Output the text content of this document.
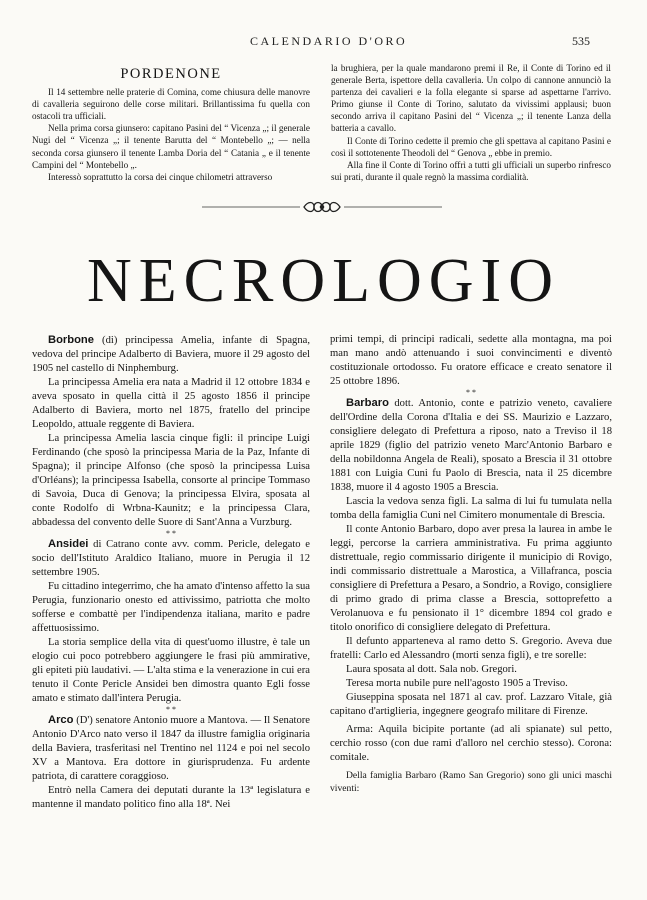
CALENDARIO D'ORO	535
PORDENONE

Il 14 settembre nelle praterie di Comina, come chiusura delle manovre di cavalleria seguirono delle corse militari. Brillantissima fu quella con ostacoli tra ufficiali.

Nella prima corsa giunsero: capitano Pasini del “ Vicenza „; il generale Nugi del “ Vicenza „; il tenente Barutta del “ Montebello „; — nella seconda corsa giunsero il tenente Lamba Doria del “ Catania „ e il tenente Campini del “ Montebello „.

Interessò soprattutto la corsa dei cinque chilometri attraverso

la brughiera, per la quale mandarono premi il Re, il Conte di Torino ed il generale Berta, ispettore della cavalleria. Un colpo di cannone annunciò la partenza dei cavalieri e la folla elegante si sparse ad aspettarne l'arrivo. Primo giunse il Conte di Torino, salutato da vivissimi applausi; buon secondo arriva il capitano Pasini del “ Vicenza „; il tenente Lanza della batteria a cavallo.

Il Conte di Torino cedette il premio che gli spettava al capitano Pasini e così il sottotenente Theodoli del “ Genova „ ebbe in premio.

Alla fine il Conte di Torino offrì a tutti gli ufficiali un superbo rinfresco sui prati, durante il quale regnò la massima cordialità.

NECROLOGIO

Borbone (di) principessa Amelia, infante di Spagna, vedova del principe Adalberto di Baviera, muore il 29 agosto del 1905 nel castello di Ninphemburg.

La principessa Amelia era nata a Madrid il 12 ottobre 1834 e aveva sposato in quella città il 25 agosto 1856 il principe Adalberto di Baviera, morto nel 1875, fratello del principe Leopoldo, attuale reggente di Baviera.

La principessa Amelia lascia cinque figli: il principe Luigi Ferdinando (che sposò la principessa Maria de la Paz, Infante di Spagna); il principe Alfonso (che sposò la principessa Luisa d'Orléans); la principessa Isabella, consorte al principe Tommaso di Savoia, Duca di Genova; la principessa Elvira, sposata al conte Rodolfo di Wrbna-Kaunitz; e la principessa Clara, abbadessa del convento delle Suore di Sant'Anna a Vurzburg.

* *

Ansidei di Catrano conte avv. comm. Pericle, delegato e socio dell'Istituto Araldico Italiano, muore in Perugia il 12 settembre 1905.

Fu cittadino integerrimo, che ha amato d'intenso affetto la sua Perugia, funzionario onesto ed attivissimo, patriotta che molto sofferse e combattè per l'indipendenza italiana, marito e padre affettuosissimo.

La storia semplice della vita di quest'uomo illustre, è tale un elogio cui poco potrebbero aggiungere le frasi più ammirative, gli epiteti più laudativi. — L'alta stima e la venerazione in cui era tenuto il Conte Pericle Ansidei ben dimostra quanto Egli fosse amato e stimato dall'intera Perugia.

* *

Arco (D') senatore Antonio muore a Mantova. — Il Senatore Antonio D'Arco nato verso il 1847 da illustre famiglia originaria della Baviera, trasferitasi nel Trentino nel 1124 e poi nel secolo XV a Mantova. Era dottore in giurisprudenza. Fu ardente patriota, di carattere coraggioso.

Entrò nella Camera dei deputati durante la 13ª legislatura e mantenne il mandato politico fino alla 18ª. Nei

primi tempi, di principi radicali, sedette alla montagna, ma poi man mano andò attenuando i suoi convincimenti e diventò costituzionale ortodosso. Fu oratore efficace e creato senatore il 25 ottobre 1896.

* *

Barbaro dott. Antonio, conte e patrizio veneto, cavaliere dell'Ordine della Corona d'Italia e dei SS. Maurizio e Lazzaro, consigliere delegato di Prefettura a riposo, nato a Treviso il 18 aprile 1829 (figlio del patrizio veneto Marc'Antonio Barbaro e della nobildonna Angela de Reali), sposato a Brescia il 31 ottobre 1881 con Luigia Cuni fu Paolo di Brescia, nata il 25 dicembre 1838, muore il 4 agosto 1905 a Brescia.

Lascia la vedova senza figli. La salma di lui fu tumulata nella tomba della famiglia Cuni nel Cimitero monumentale di Brescia.

Il conte Antonio Barbaro, dopo aver presa la laurea in ambe le leggi, percorse la carriera amministrativa. Fu prima aggiunto distrettuale, regio commissario dirigente il municipio di Rovigo, indi commissario distrettuale a Marostica, a Villafranca, poscia consigliere di Prefettura a Pesaro, a Sondrio, a Rovigo, consigliere di primo grado di prima classe a Brescia, sottoprefetto a Verolanuova e fu pensionato il 1° dicembre 1894 col grado e titolo onorifico di consigliere delegato di Prefettura.

Il defunto apparteneva al ramo detto S. Gregorio. Aveva due fratelli: Carlo ed Alessandro (morti senza figli), e tre sorelle:

Laura sposata al dott. Sala nob. Gregori.

Teresa morta nubile pure nell'agosto 1905 a Treviso.

Giuseppina sposata nel 1871 al cav. prof. Lazzaro Vitale, già capitano d'artiglieria, ingegnere geografo militare di Firenze.

Arma: Aquila bicipite portante (ad ali spianate) sul petto, cerchio rosso (con due rami d'alloro nel cerchio stesso). Corona: comitale.

Della famiglia Barbaro (Ramo San Gregorio) sono gli unici maschi viventi:
